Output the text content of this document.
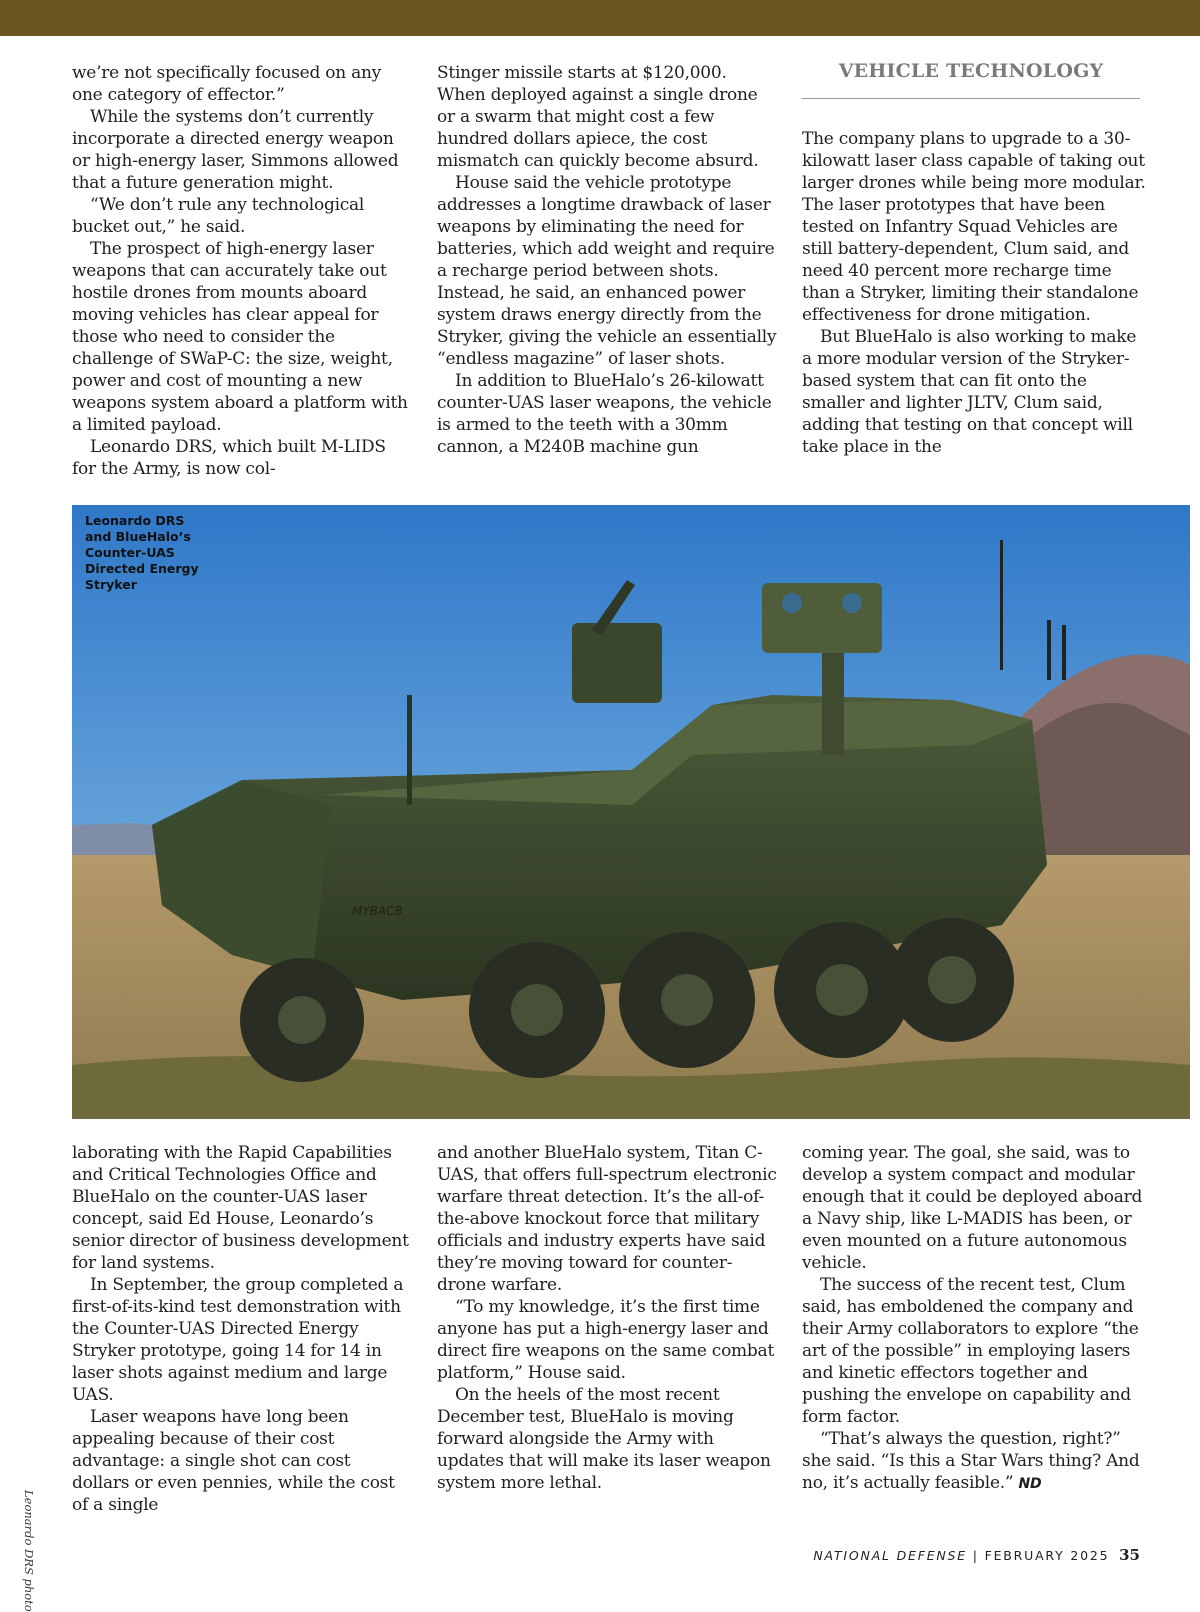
we’re not specifically focused on any one category of effector.”

While the systems don’t currently incorporate a directed energy weapon or high-energy laser, Simmons allowed that a future generation might.

“We don’t rule any technological bucket out,” he said.

The prospect of high-energy laser weapons that can accurately take out hostile drones from mounts aboard moving vehicles has clear appeal for those who need to consider the challenge of SWaP-C: the size, weight, power and cost of mounting a new weapons system aboard a platform with a limited payload.

Leonardo DRS, which built M-LIDS for the Army, is now col-

Stinger missile starts at $120,000. When deployed against a single drone or a swarm that might cost a few hundred dollars apiece, the cost mismatch can quickly become absurd.

House said the vehicle prototype addresses a longtime drawback of laser weapons by eliminating the need for batteries, which add weight and require a recharge period between shots. Instead, he said, an enhanced power system draws energy directly from the Stryker, giving the vehicle an essentially “endless magazine” of laser shots.

In addition to BlueHalo’s 26-kilowatt counter-UAS laser weapons, the vehicle is armed to the teeth with a 30mm cannon, a M240B machine gun

VEHICLE TECHNOLOGY

The company plans to upgrade to a 30-kilowatt laser class capable of taking out larger drones while being more modular. The laser prototypes that have been tested on Infantry Squad Vehicles are still battery-dependent, Clum said, and need 40 percent more recharge time than a Stryker, limiting their standalone effectiveness for drone mitigation.

But BlueHalo is also working to make a more modular version of the Stryker-based system that can fit onto the smaller and lighter JLTV, Clum said, adding that testing on that concept will take place in the

MYBAC8
Leonardo DRS and BlueHalo’s Counter-UAS Directed Energy Stryker

laborating with the Rapid Capabilities and Critical Technologies Office and BlueHalo on the counter-UAS laser concept, said Ed House, Leonardo’s senior director of business development for land systems.

In September, the group completed a first-of-its-kind test demonstration with the Counter-UAS Directed Energy Stryker prototype, going 14 for 14 in laser shots against medium and large UAS.

Laser weapons have long been appealing because of their cost advantage: a single shot can cost dollars or even pennies, while the cost of a single

and another BlueHalo system, Titan C-UAS, that offers full-spectrum electronic warfare threat detection. It’s the all-of-the-above knockout force that military officials and industry experts have said they’re moving toward for counter-drone warfare.

“To my knowledge, it’s the first time anyone has put a high-energy laser and direct fire weapons on the same combat platform,” House said.

On the heels of the most recent December test, BlueHalo is moving forward alongside the Army with updates that will make its laser weapon system more lethal.

coming year. The goal, she said, was to develop a system compact and modular enough that it could be deployed aboard a Navy ship, like L-MADIS has been, or even mounted on a future autonomous vehicle.

The success of the recent test, Clum said, has emboldened the company and their Army collaborators to explore “the art of the possible” in employing lasers and kinetic effectors together and pushing the envelope on capability and form factor.

“That’s always the question, right?” she said. “Is this a Star Wars thing? And no, it’s actually feasible.” ND

Leonardo DRS photo	NATIONAL DEFENSE | FEBRUARY 2025 35
